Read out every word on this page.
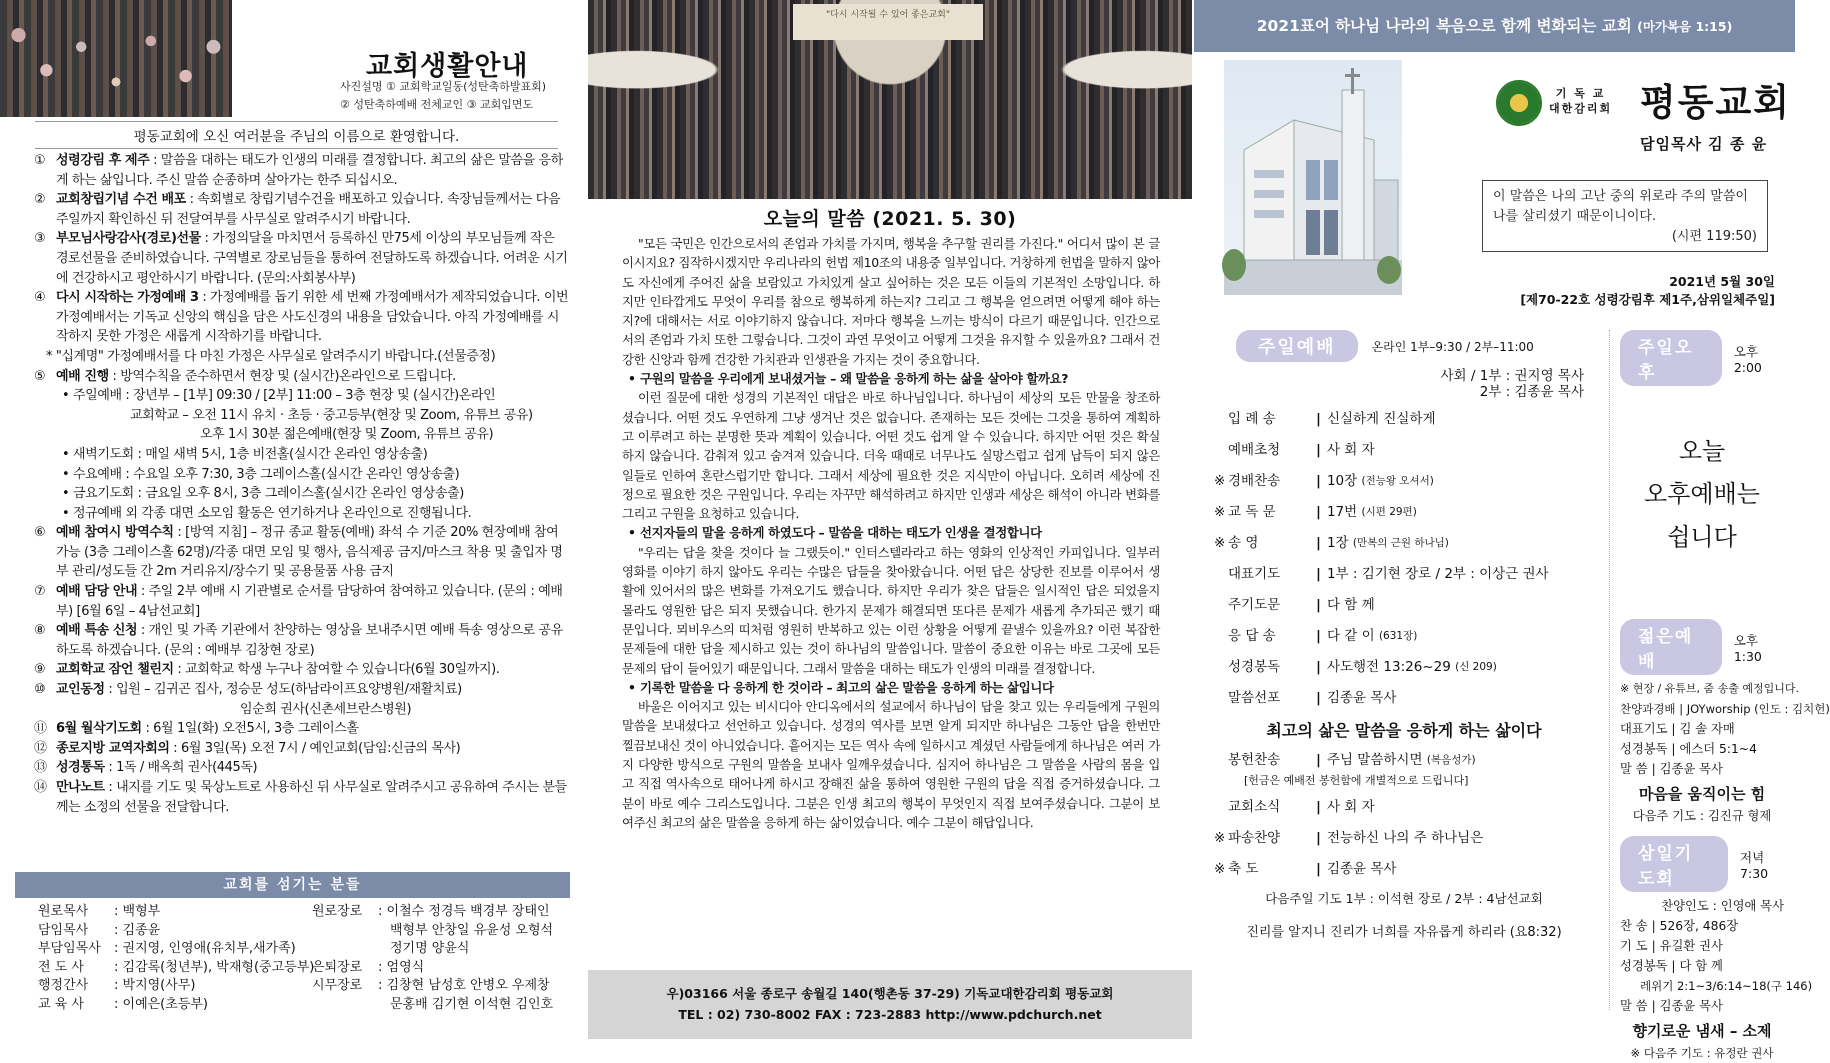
교회생활안내
사진설명 ① 교회학교일동(성탄축하발표회)
② 성탄축하예배 전체교인 ③ 교회입면도
평동교회에 오신 여러분을 주님의 이름으로 환영합니다.
① 성령강림 후 제주 : 말씀을 대하는 태도가 인생의 미래를 결정합니다. 최고의 삶은 말씀을 응하게 하는 삶입니다. 주신 말씀 순종하며 살아가는 한주 되십시오.
② 교회창립기념 수건 배포 : 속회별로 창립기념수건을 배포하고 있습니다. 속장님들께서는 다음주일까지 확인하신 뒤 전달여부를 사무실로 알려주시기 바랍니다.
③ 부모님사랑감사(경로)선물 : 가정의달을 마치면서 등록하신 만75세 이상의 부모님들께 작은 경로선물을 준비하였습니다. 구역별로 장로님들을 통하여 전달하도록 하겠습니다. 어려운 시기에 건강하시고 평안하시기 바랍니다. (문의:사회봉사부)
④ 다시 시작하는 가정예배 3 : 가정예배를 돕기 위한 세 번째 가정예배서가 제작되었습니다. 이번 가정예배서는 기독교 신앙의 핵심을 담은 사도신경의 내용을 담았습니다. 아직 가정예배를 시작하지 못한 가정은 새롭게 시작하기를 바랍니다.
* "십계명" 가정예배서를 다 마친 가정은 사무실로 알려주시기 바랍니다.(선물증정)
⑤ 예배 진행 : 방역수칙을 준수하면서 현장 및 (실시간)온라인으로 드립니다.
• 주일예배 : 장년부 – [1부] 09:30 / [2부] 11:00 – 3층 현장 및 (실시간)온라인
교회학교 – 오전 11시 유치 · 초등 · 중고등부(현장 및 Zoom, 유튜브 공유)
오후 1시 30분 젊은예배(현장 및 Zoom, 유튜브 공유)
• 새벽기도회 : 매일 새벽 5시, 1층 비전홀(실시간 온라인 영상송출)
• 수요예배 : 수요일 오후 7:30, 3층 그레이스홀(실시간 온라인 영상송출)
• 금요기도회 : 금요일 오후 8시, 3층 그레이스홀(실시간 온라인 영상송출)
• 정규예배 외 각종 대면 소모임 활동은 연기하거나 온라인으로 진행됩니다.
⑥ 예배 참여시 방역수칙 : [방역 지침] – 정규 종교 활동(예배) 좌석 수 기준 20% 현장예배 참여 가능 (3층 그레이스홀 62명)/각종 대면 모임 및 행사, 음식제공 금지/마스크 착용 및 출입자 명부 관리/성도들 간 2m 거리유지/장수기 및 공용물품 사용 금지
⑦ 예배 담당 안내 : 주일 2부 예배 시 기관별로 순서를 담당하여 참여하고 있습니다. (문의 : 예배부) [6월 6일 – 4남선교회]
⑧ 예배 특송 신청 : 개인 및 가족 기관에서 찬양하는 영상을 보내주시면 예배 특송 영상으로 공유하도록 하겠습니다. (문의 : 예배부 김창현 장로)
⑨ 교회학교 잠언 챌린지 : 교회학교 학생 누구나 참여할 수 있습니다(6월 30일까지).
⑩ 교인동정 : 입원 – 김귀곤 집사, 정승문 성도(하남라이프요양병원/재활치료)
임순희 권사(신촌세브란스병원)
⑪ 6월 월삭기도회 : 6월 1일(화) 오전5시, 3층 그레이스홀
⑫ 종로지방 교역자회의 : 6월 3일(목) 오전 7시 / 예인교회(담임:신금의 목사)
⑬ 성경통독 : 1독 / 배옥희 권사(445독)
⑭ 만나노트 : 내지를 기도 및 묵상노트로 사용하신 뒤 사무실로 알려주시고 공유하여 주시는 분들께는 소정의 선물을 전달합니다.
교회를 섬기는 분들
원로목사	: 백형부
담임목사	: 김종윤
부담임목사	: 권지영, 인영애(유치부,새가족)
전 도 사	: 김감록(청년부), 박재형(중고등부)
행정간사	: 박지영(사무)
교 육 사	: 이예은(초등부)
원로장로	: 이철수 정경득 백경부 장태인
백형부 안창일 유윤성 오형석
정기명 양윤식
은퇴장로	: 엄영식
시무장로	: 김창현 남성호 안병오 우제창
문홍배 김기현 이석현 김인호
"다시 시작될 수 있어 좋은교회"
오늘의 말씀 (2021. 5. 30)

"모든 국민은 인간으로서의 존엄과 가치를 가지며, 행복을 추구할 권리를 가진다." 어디서 많이 본 글이시지요? 짐작하시겠지만 우리나라의 헌법 제10조의 내용중 일부입니다. 거창하게 헌법을 말하지 않아도 자신에게 주어진 삶을 보람있고 가치있게 살고 싶어하는 것은 모든 이들의 기본적인 소망입니다. 하지만 인타깝게도 무엇이 우리를 참으로 행복하게 하는지? 그리고 그 행복을 얻으려면 어떻게 해야 하는지?에 대해서는 서로 이야기하지 않습니다. 저마다 행복을 느끼는 방식이 다르기 때문입니다. 인간으로서의 존엄과 가치 또한 그렇습니다. 그것이 과연 무엇이고 어떻게 그것을 유지할 수 있을까요? 그래서 건강한 신앙과 함께 건강한 가치관과 인생관을 가지는 것이 중요합니다.

• 구원의 말씀을 우리에게 보내셨거늘 – 왜 말씀을 응하게 하는 삶을 살아야 할까요?

이런 질문에 대한 성경의 기본적인 대답은 바로 하나님입니다. 하나님이 세상의 모든 만물을 창조하셨습니다. 어떤 것도 우연하게 그냥 생겨난 것은 없습니다. 존재하는 모든 것에는 그것을 통하여 계획하고 이루려고 하는 분명한 뜻과 계획이 있습니다. 어떤 것도 쉽게 알 수 있습니다. 하지만 어떤 것은 확실하지 않습니다. 감춰져 있고 숨겨져 있습니다. 더욱 때때로 너무나도 실망스럽고 쉽게 납득이 되지 않은 일들로 인하여 혼란스럽기만 합니다. 그래서 세상에 필요한 것은 지식만이 아닙니다. 오히려 세상에 진정으로 필요한 것은 구원입니다. 우리는 자꾸만 해석하려고 하지만 인생과 세상은 해석이 아니라 변화를 그리고 구원을 요청하고 있습니다.

• 선지자들의 말을 응하게 하였도다 – 말씀을 대하는 태도가 인생을 결정합니다

"우리는 답을 찾을 것이다 늘 그랬듯이." 인터스텔라라고 하는 영화의 인상적인 카피입니다. 일부러 영화를 이야기 하지 않아도 우리는 수많은 답들을 찾아왔습니다. 어떤 답은 상당한 진보를 이루어서 생활에 있어서의 많은 변화를 가져오기도 했습니다. 하지만 우리가 찾은 답들은 일시적인 답은 되었을지 몰라도 영원한 답은 되지 못했습니다. 한가지 문제가 해결되면 또다른 문제가 새롭게 추가되곤 했기 때문입니다. 뫼비우스의 띠처럼 영원히 반복하고 있는 이런 상황을 어떻게 끝낼수 있을까요? 이런 복잡한 문제들에 대한 답을 제시하고 있는 것이 하나님의 말씀입니다. 말씀이 중요한 이유는 바로 그곳에 모든 문제의 답이 들어있기 때문입니다. 그래서 말씀을 대하는 태도가 인생의 미래를 결정합니다.

• 기록한 말씀을 다 응하게 한 것이라 – 최고의 삶은 말씀을 응하게 하는 삶입니다

바울은 이어지고 있는 비시디아 안디옥에서의 설교에서 하나님이 답을 찾고 있는 우리들에게 구원의 말씀을 보내셨다고 선언하고 있습니다. 성경의 역사를 보면 알게 되지만 하나님은 그동안 답을 한번만 찔끔보내신 것이 아니었습니다. 흩어지는 모든 역사 속에 일하시고 계셨던 사람들에게 하나님은 여러 가지 다양한 방식으로 구원의 말씀을 보내사 일깨우셨습니다. 심지어 하나님은 그 말씀을 사람의 몸을 입고 직접 역사속으로 태어나게 하시고 장해진 삶을 통하여 영원한 구원의 답을 직접 증거하셨습니다. 그분이 바로 예수 그리스도입니다. 그분은 인생 최고의 행복이 무엇인지 직접 보여주셨습니다. 그분이 보여주신 최고의 삶은 말씀을 응하게 하는 삶이었습니다. 예수 그분이 해답입니다.

우)03166 서울 종로구 송월길 140(행촌동 37-29) 기독교대한감리회 평동교회
TEL : 02) 730-8002 FAX : 723-2883 http://www.pdchurch.net
2021표어 하나님 나라의 복음으로 함께 변화되는 교회 (마가복음 1:15)
기 독 교
대한감리회 평동교회
담임목사 김 종 윤
이 말씀은 나의 고난 중의 위로라 주의 말씀이 나를 살리셨기 때문이니이다.
(시편 119:50)
2021년 5월 30일
[제70-22호 성령강림후 제1주,삼위일체주일]
주일예배	온라인 1부–9:30 / 2부–11:00
사회 / 1부 : 권지영 목사
2부 : 김종윤 목사
입 례 송	| 신실하게 진실하게

예배초청	| 사 회 자

※ 경배찬송	| 10장
(전능왕 오셔서)
※ 교 독 문	| 17번
(시편 29편)
※ 송 영	| 1장
(만복의 근원 하나님)
대표기도	| 1부 : 김기현 장로 / 2부 : 이상근 권사

주기도문	| 다 함 께

응 답 송	| 다 같 이
(631장)
성경봉독	| 사도행전 13:26~29
(신 209)
말씀선포	| 김종윤 목사

최고의 삶은 말씀을 응하게 하는 삶이다
봉헌찬송	| 주님 말씀하시면
(복음성가)
[헌금은 예배전 봉헌함에 개별적으로 드립니다]
교회소식	| 사 회 자

※ 파송찬양	| 전능하신 나의 주 하나님은

※ 축 도	| 김종윤 목사

다음주일 기도 1부 : 이석현 장로 / 2부 : 4남선교회
진리를 알지니 진리가 너희를 자유롭게 하리라 (요8:32)
주일오후
오후 2:00
오늘
오후예배는
쉽니다
젊은예배
오후 1:30
※ 현장 / 유튜브, 줌 송출 예정입니다.
찬양과경배 | JOYworship (인도 : 김치헌)
대표기도 | 김 솔 자매
성경봉독 | 에스더 5:1~4
말 씀 | 김종윤 목사
마음을 움직이는 힘
다음주 기도 : 김진규 형제
삼일기도회
저녁 7:30
찬양인도 : 인영애 목사
찬 송 | 526장, 486장
기 도 | 유길환 권사
성경봉독 | 다 함 께
레위기 2:1~3/6:14~18(구 146)
말 씀 | 김종윤 목사
향기로운 냄새 – 소제
※ 다음주 기도 : 유정란 권사
